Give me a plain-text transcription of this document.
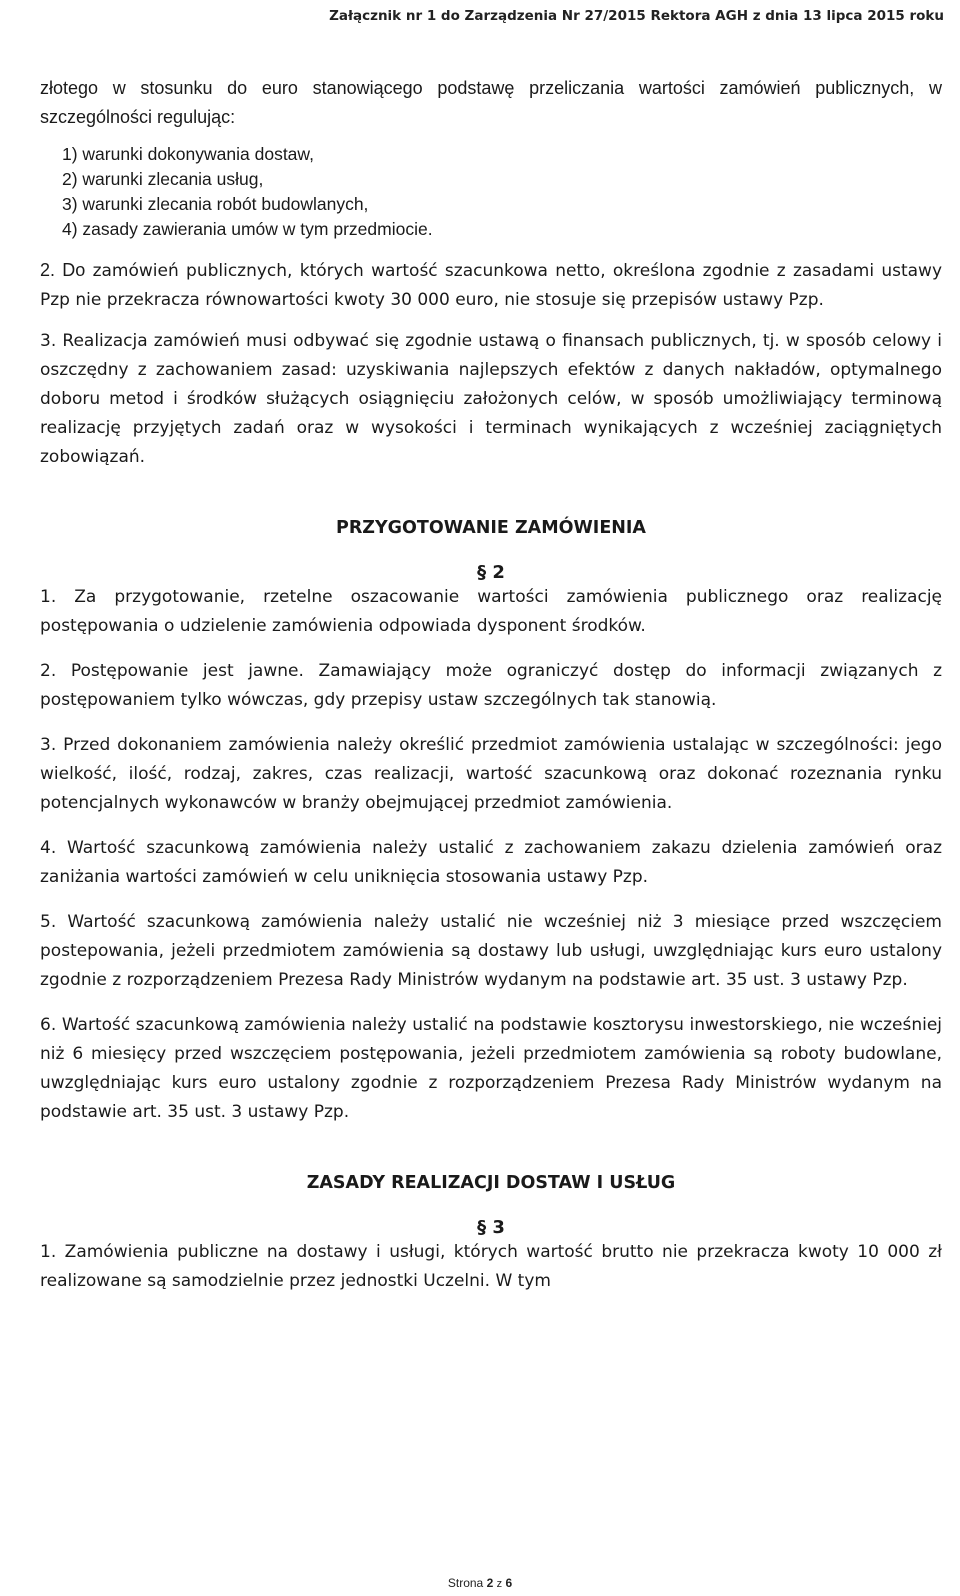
Załącznik nr 1 do Zarządzenia Nr 27/2015 Rektora AGH z dnia 13 lipca 2015 roku

złotego w stosunku do euro stanowiącego podstawę przeliczania wartości zamówień publicznych, w szczególności regulując:

1) warunki dokonywania dostaw,
2) warunki zlecania usług,
3) warunki zlecania robót budowlanych,
4) zasady zawierania umów w tym przedmiocie.

2. Do zamówień publicznych, których wartość szacunkowa netto, określona zgodnie z zasadami ustawy Pzp nie przekracza równowartości kwoty 30 000 euro, nie stosuje się przepisów ustawy Pzp.

3. Realizacja zamówień musi odbywać się zgodnie ustawą o finansach publicznych, tj. w sposób celowy i oszczędny z zachowaniem zasad: uzyskiwania najlepszych efektów z danych nakładów, optymalnego doboru metod i środków służących osiągnięciu założonych celów, w sposób umożliwiający terminową realizację przyjętych zadań oraz w wysokości i terminach wynikających z wcześniej zaciągniętych zobowiązań.

PRZYGOTOWANIE ZAMÓWIENIA

§ 2

1. Za przygotowanie, rzetelne oszacowanie wartości zamówienia publicznego oraz realizację postępowania o udzielenie zamówienia odpowiada dysponent środków.

2. Postępowanie jest jawne. Zamawiający może ograniczyć dostęp do informacji związanych z postępowaniem tylko wówczas, gdy przepisy ustaw szczególnych tak stanowią.

3. Przed dokonaniem zamówienia należy określić przedmiot zamówienia ustalając w szczególności: jego wielkość, ilość, rodzaj, zakres, czas realizacji, wartość szacunkową oraz dokonać rozeznania rynku potencjalnych wykonawców w branży obejmującej przedmiot zamówienia.

4. Wartość szacunkową zamówienia należy ustalić z zachowaniem zakazu dzielenia zamówień oraz zaniżania wartości zamówień w celu uniknięcia stosowania ustawy Pzp.

5. Wartość szacunkową zamówienia należy ustalić nie wcześniej niż 3 miesiące przed wszczęciem postepowania, jeżeli przedmiotem zamówienia są dostawy lub usługi, uwzględniając kurs euro ustalony zgodnie z rozporządzeniem Prezesa Rady Ministrów wydanym na podstawie art. 35 ust. 3 ustawy Pzp.

6. Wartość szacunkową zamówienia należy ustalić na podstawie kosztorysu inwestorskiego, nie wcześniej niż 6 miesięcy przed wszczęciem postępowania, jeżeli przedmiotem zamówienia są roboty budowlane, uwzględniając kurs euro ustalony zgodnie z rozporządzeniem Prezesa Rady Ministrów wydanym na podstawie art. 35 ust. 3 ustawy Pzp.

ZASADY REALIZACJI DOSTAW I USŁUG

§ 3

1. Zamówienia publiczne na dostawy i usługi, których wartość brutto nie przekracza kwoty 10 000 zł realizowane są samodzielnie przez jednostki Uczelni. W tym

Strona 2 z 6
